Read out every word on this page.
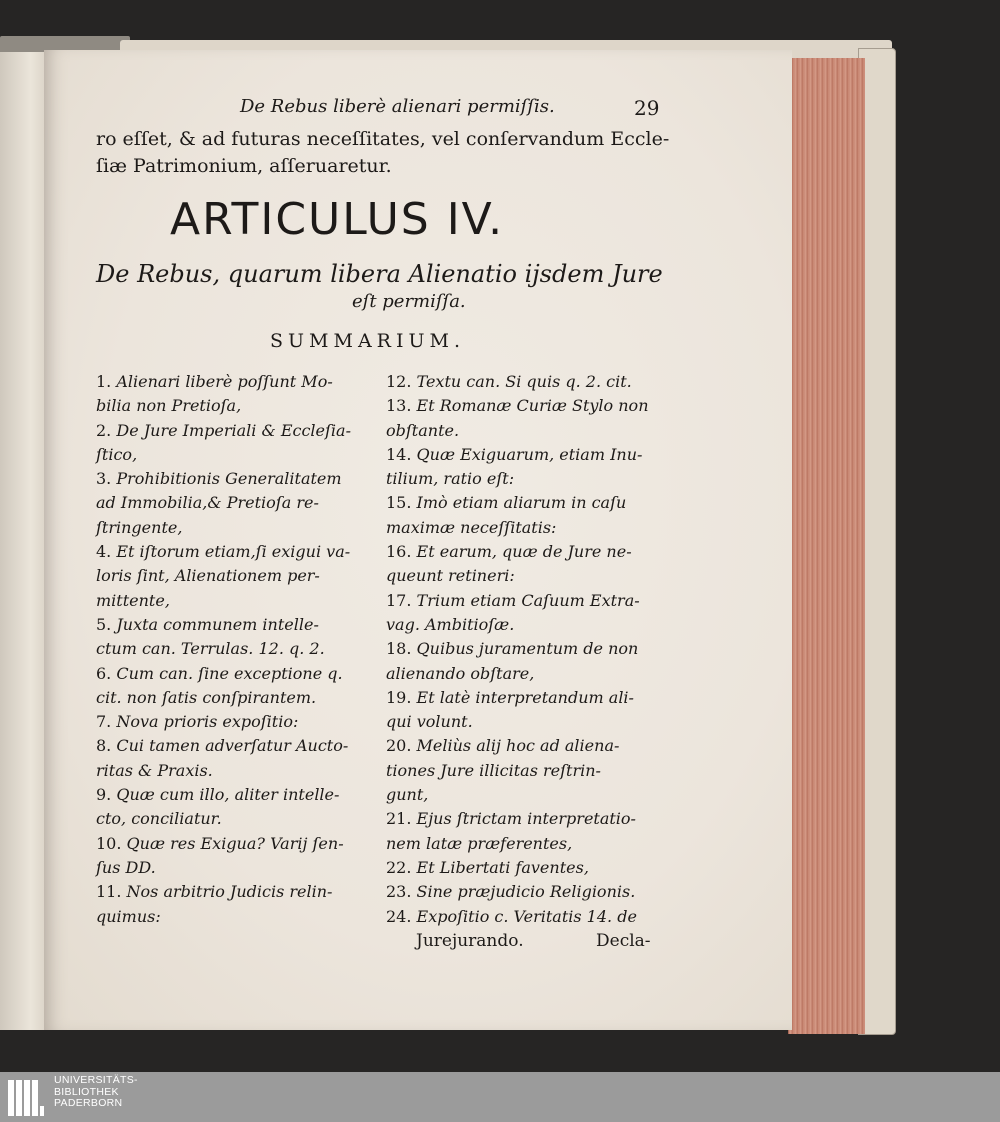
De Rebus liberè alienari permiſſis.	29
ro eſſet, & ad futuras neceſſitates, vel conſervandum Eccle-
ſiæ Patrimonium, aſſeruaretur.
ARTICULUS IV.
De Rebus, quarum libera Alienatio ijsdem Jure
eſt permiſſa.
SUMMARIUM.

1. Alienari liberè poſſunt Mo-
bilia non Pretioſa,

2. De Jure Imperiali & Eccleſia-
ſtico,

3. Prohibitionis Generalitatem
ad Immobilia,& Pretioſa re-
ſtringente,

4. Et iſtorum etiam,ſi exigui va-
loris ſint, Alienationem per-
mittente,

5. Juxta communem intelle-
ctum can. Terrulas. 12. q. 2.

6. Cum can. ſine exceptione q.
cit. non ſatis conſpirantem.

7. Nova prioris expoſitio:

8. Cui tamen adverſatur Aucto-
ritas & Praxis.

9. Quæ cum illo, aliter intelle-
cto, conciliatur.

10. Quæ res Exigua? Varij ſen-
ſus DD.

11. Nos arbitrio Judicis relin-
quimus:

12. Textu can. Si quis q. 2. cit.

13. Et Romanæ Curiæ Stylo non
obſtante.

14. Quæ Exiguarum, etiam Inu-
tilium, ratio eſt:

15. Imò etiam aliarum in caſu
maximæ neceſſitatis:

16. Et earum, quæ de Jure ne-
queunt retineri:

17. Trium etiam Caſuum Extra-
vag. Ambitioſæ.

18. Quibus juramentum de non
alienando obſtare,

19. Et latè interpretandum ali-
qui volunt.

20. Meliùs alij hoc ad aliena-
tiones Jure illicitas reſtrin-
gunt,

21. Ejus ſtrictam interpretatio-
nem latæ præferentes,

22. Et Libertati faventes,

23. Sine præjudicio Religionis.

24. Expoſitio c. Veritatis 14. de

Jurejurando.	Decla-
UNIVERSITÄTS-
BIBLIOTHEK
PADERBORN
